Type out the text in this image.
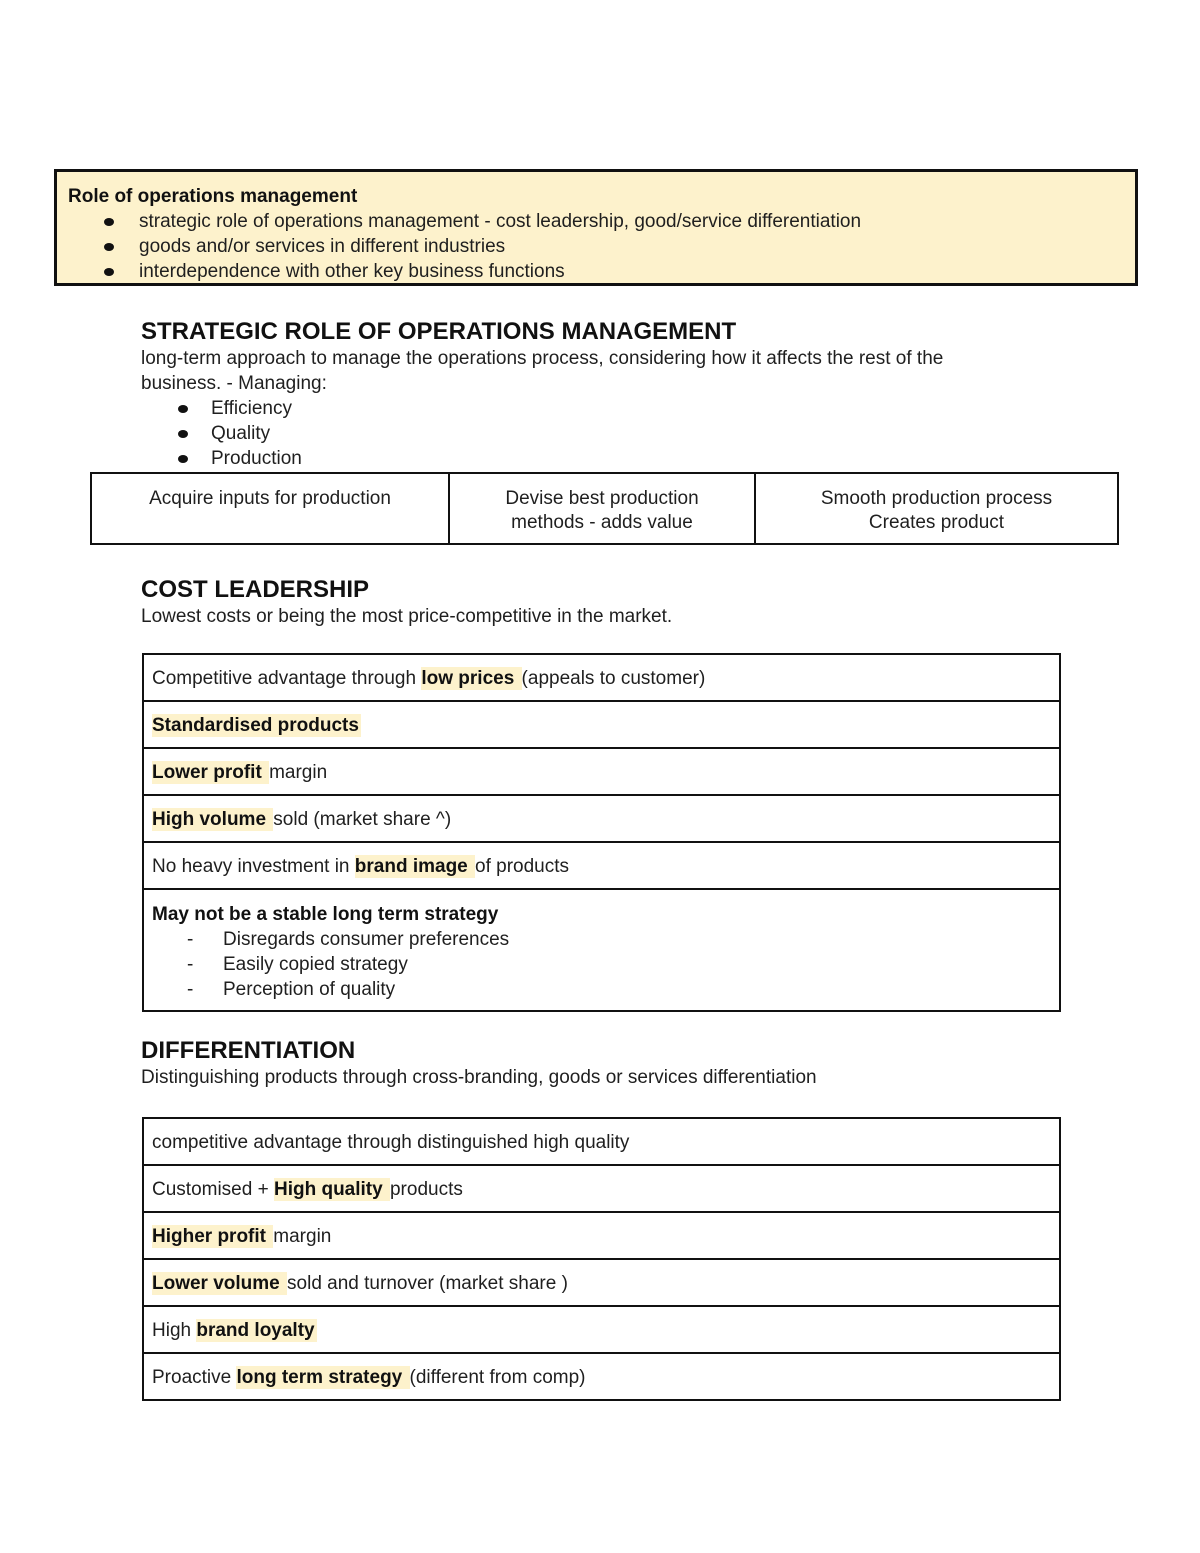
Role of operations management
strategic role of operations management - cost leadership, good/service differentiation
goods and/or services in different industries
interdependence with other key business functions
STRATEGIC ROLE OF OPERATIONS MANAGEMENT

long-term approach to manage the operations process, considering how it affects the rest of the
business. - Managing:

Efficiency
Quality
Production
Acquire inputs for production	Devise best production
methods - adds value
Smooth production process
Creates product
COST LEADERSHIP

Lowest costs or being the most price-competitive in the market.

Competitive advantage through low prices (appeals to customer)
Standardised products
Lower profit margin
High volume sold (market share ^)
No heavy investment in brand image of products
May not be a stable long term strategy
- Disregards consumer preferences
- Easily copied strategy
- Perception of quality
DIFFERENTIATION

Distinguishing products through cross-branding, goods or services differentiation

competitive advantage through distinguished high quality
Customised + High quality products
Higher profit margin
Lower volume sold and turnover (market share )
High brand loyalty
Proactive long term strategy (different from comp)
